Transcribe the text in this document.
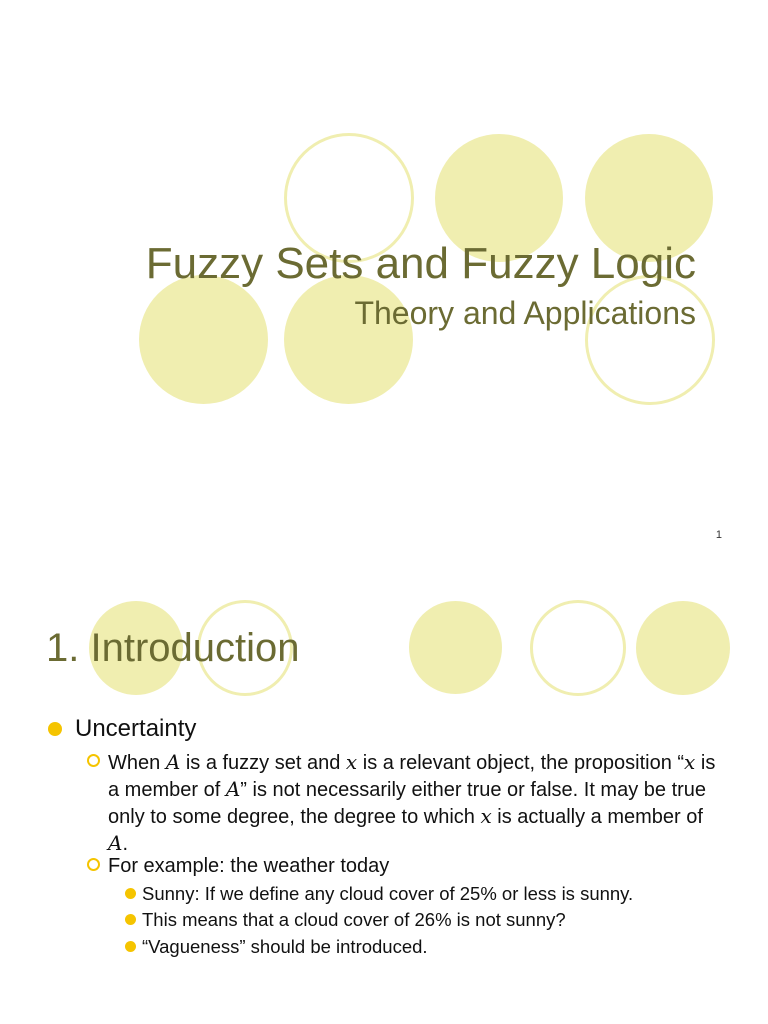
Fuzzy Sets and Fuzzy Logic
Theory and Applications
1
1. Introduction
Uncertainty
When A is a fuzzy set and x is a relevant object, the proposition “x is a member of A” is not necessarily either true or false. It may be true only to some degree, the degree to which x is actually a member of A.
For example: the weather today
Sunny: If we define any cloud cover of 25% or less is sunny.
This means that a cloud cover of 26% is not sunny?
“Vagueness” should be introduced.
